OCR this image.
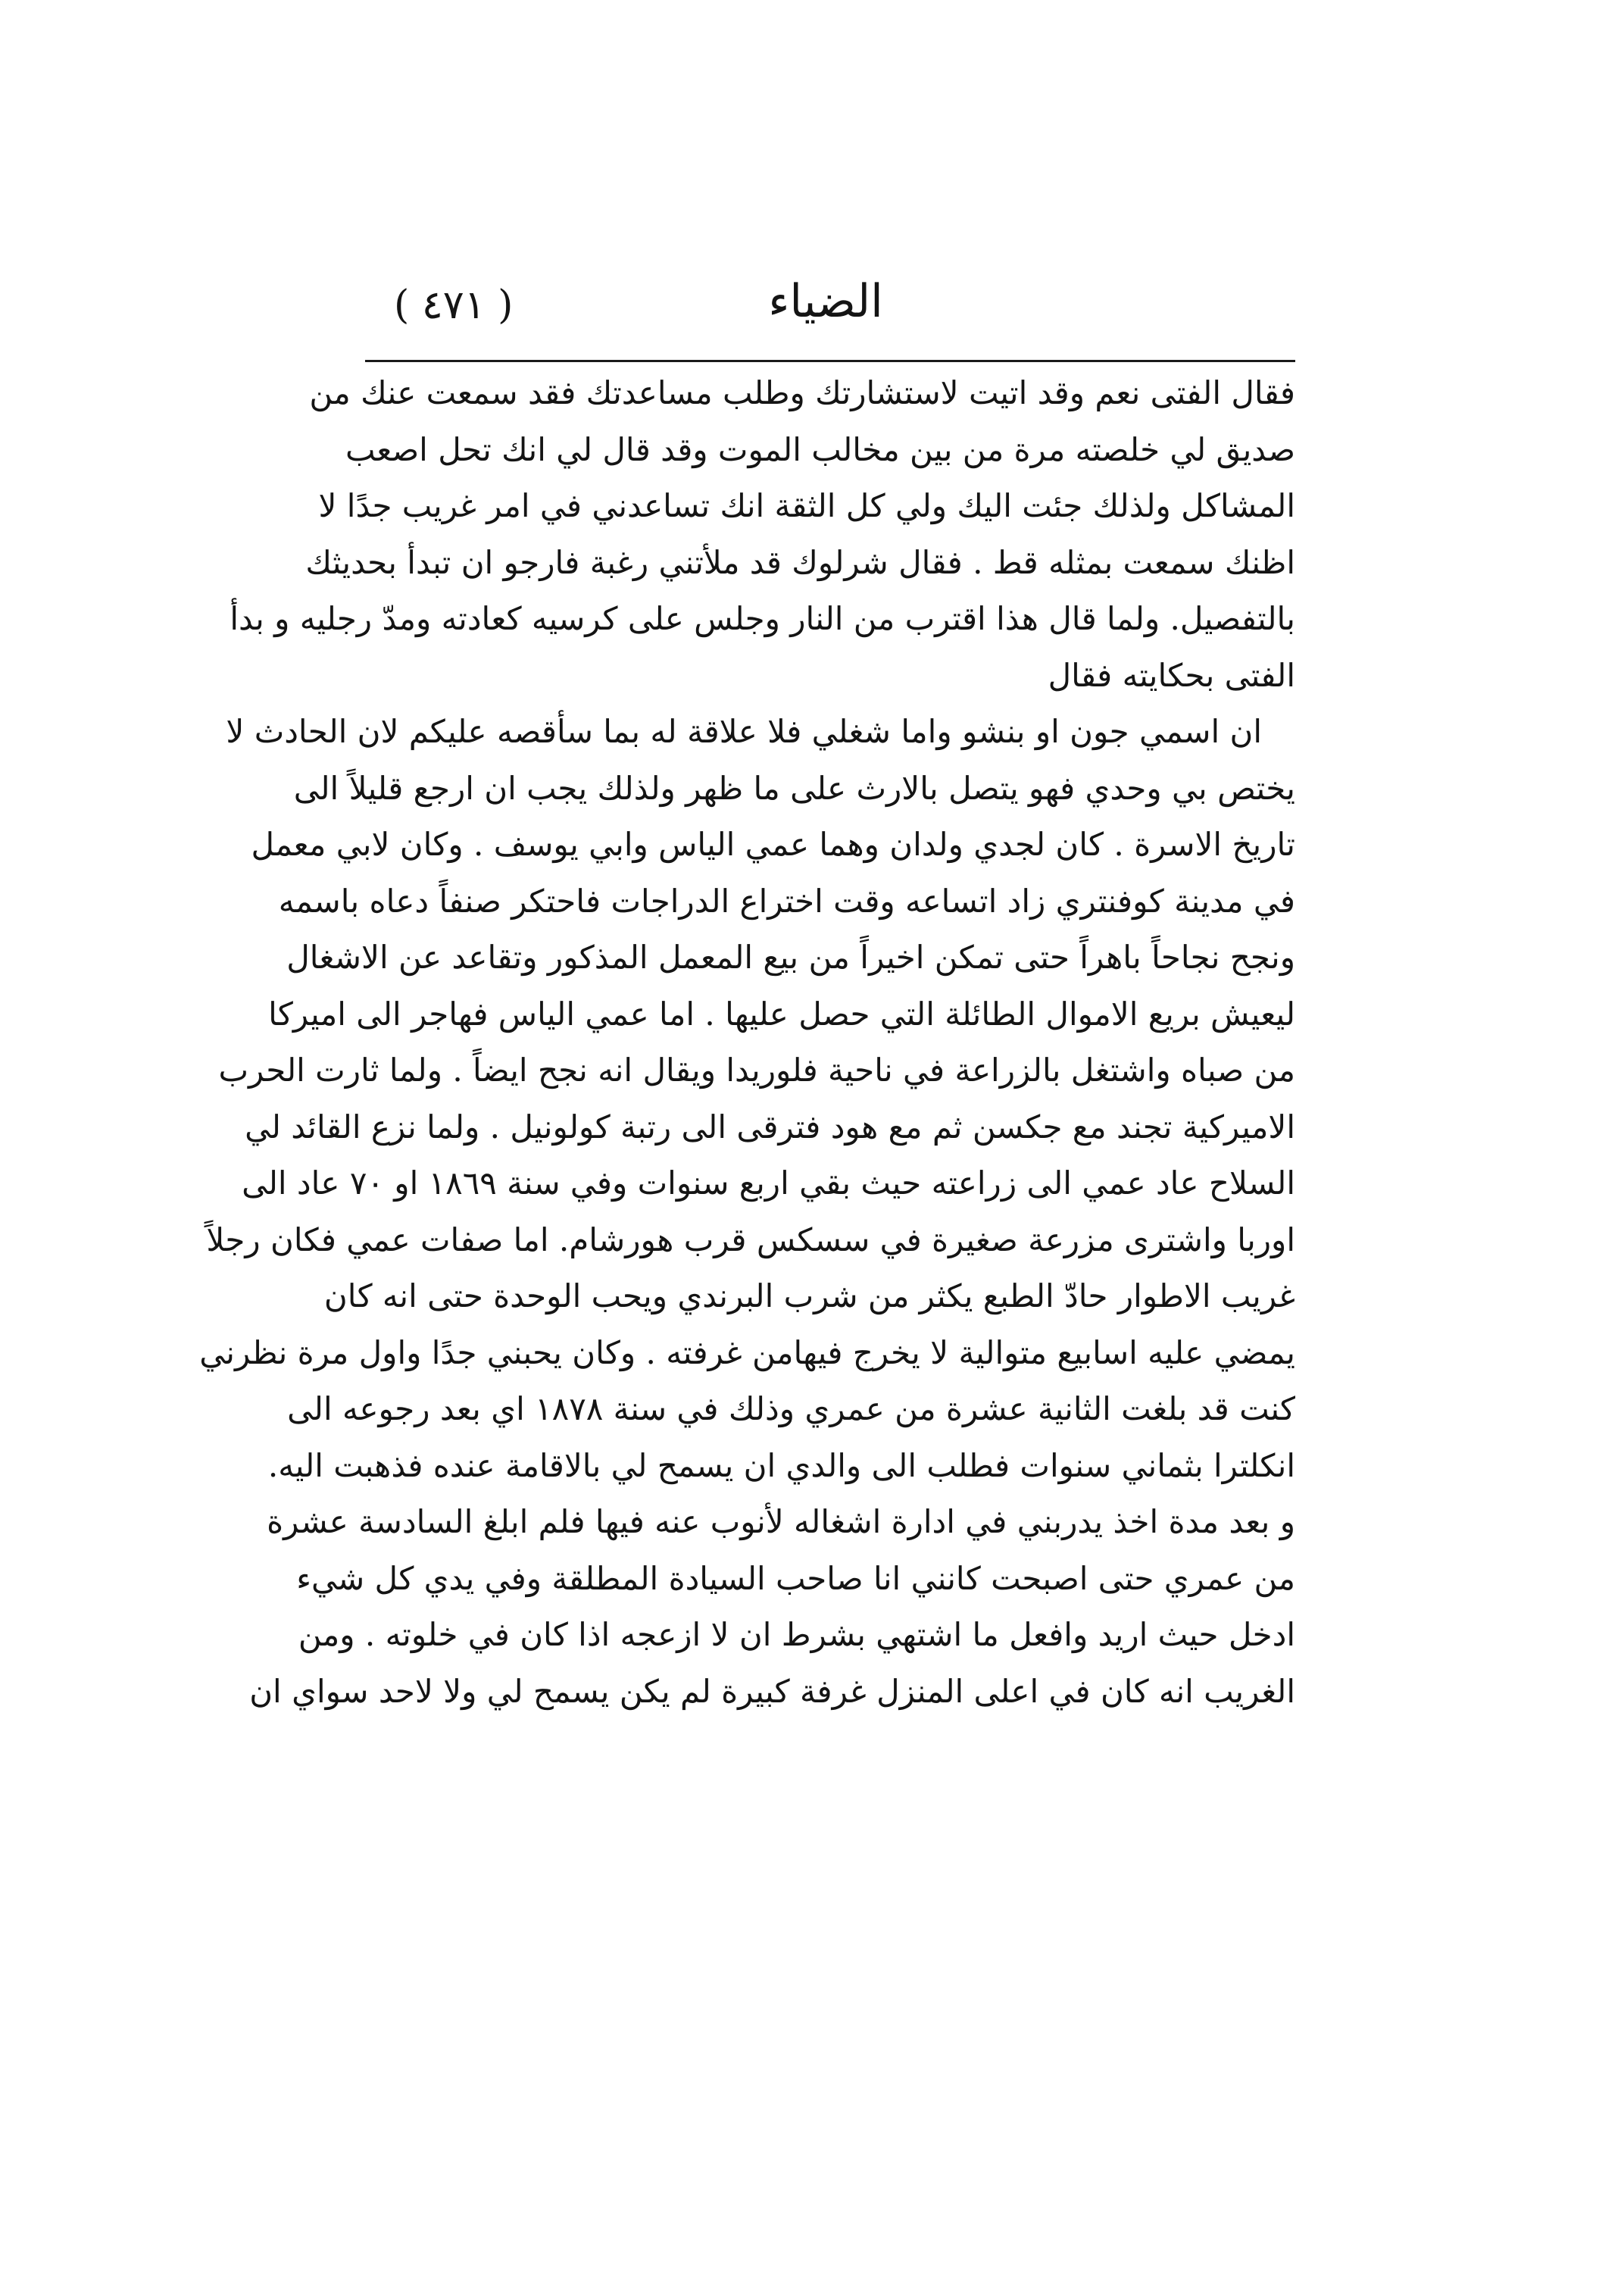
( ٤٧١ )	الضياء
فقال الفتى نعم وقد اتيت لاستشارتك وطلب مساعدتك فقد سمعت عنك من
صديق لي خلصته مرة من بين مخالب الموت وقد قال لي انك تحل اصعب
المشاكل ولذلك جئت اليك ولي كل الثقة انك تساعدني في امر غريب جدًا لا
اظنك سمعت بمثله قط . فقال شرلوك قد ملأتني رغبة فارجو ان تبدأ بحديثك
بالتفصيل. ولما قال هذا اقترب من النار وجلس على كرسيه كعادته ومدّ رجليه و بدأ
الفتى بحكايته فقال
ان اسمي جون او بنشو واما شغلي فلا علاقة له بما سأقصه عليكم لان الحادث لا
يختص بي وحدي فهو يتصل بالارث على ما ظهر ولذلك يجب ان ارجع قليلاً الى
تاريخ الاسرة . كان لجدي ولدان وهما عمي الياس وابي يوسف . وكان لابي معمل
في مدينة كوفنتري زاد اتساعه وقت اختراع الدراجات فاحتكر صنفاً دعاه باسمه
ونجح نجاحاً باهراً حتى تمكن اخيراً من بيع المعمل المذكور وتقاعد عن الاشغال
ليعيش بريع الاموال الطائلة التي حصل عليها . اما عمي الياس فهاجر الى اميركا
من صباه واشتغل بالزراعة في ناحية فلوريدا ويقال انه نجح ايضاً . ولما ثارت الحرب
الاميركية تجند مع جكسن ثم مع هود فترقى الى رتبة كولونيل . ولما نزع القائد لي
السلاح عاد عمي الى زراعته حيث بقي اربع سنوات وفي سنة ١٨٦٩ او ٧٠ عاد الى
اوربا واشترى مزرعة صغيرة في سسكس قرب هورشام. اما صفات عمي فكان رجلاً
غريب الاطوار حادّ الطبع يكثر من شرب البرندي ويحب الوحدة حتى انه كان
يمضي عليه اسابيع متوالية لا يخرج فيهامن غرفته . وكان يحبني جدًا واول مرة نظرني
كنت قد بلغت الثانية عشرة من عمري وذلك في سنة ١٨٧٨ اي بعد رجوعه الى
انكلترا بثماني سنوات فطلب الى والدي ان يسمح لي بالاقامة عنده فذهبت اليه.
و بعد مدة اخذ يدربني في ادارة اشغاله لأنوب عنه فيها فلم ابلغ السادسة عشرة
من عمري حتى اصبحت كانني انا صاحب السيادة المطلقة وفي يدي كل شيء
ادخل حيث اريد وافعل ما اشتهي بشرط ان لا ازعجه اذا كان في خلوته . ومن
الغريب انه كان في اعلى المنزل غرفة كبيرة لم يكن يسمح لي ولا لاحد سواي ان
